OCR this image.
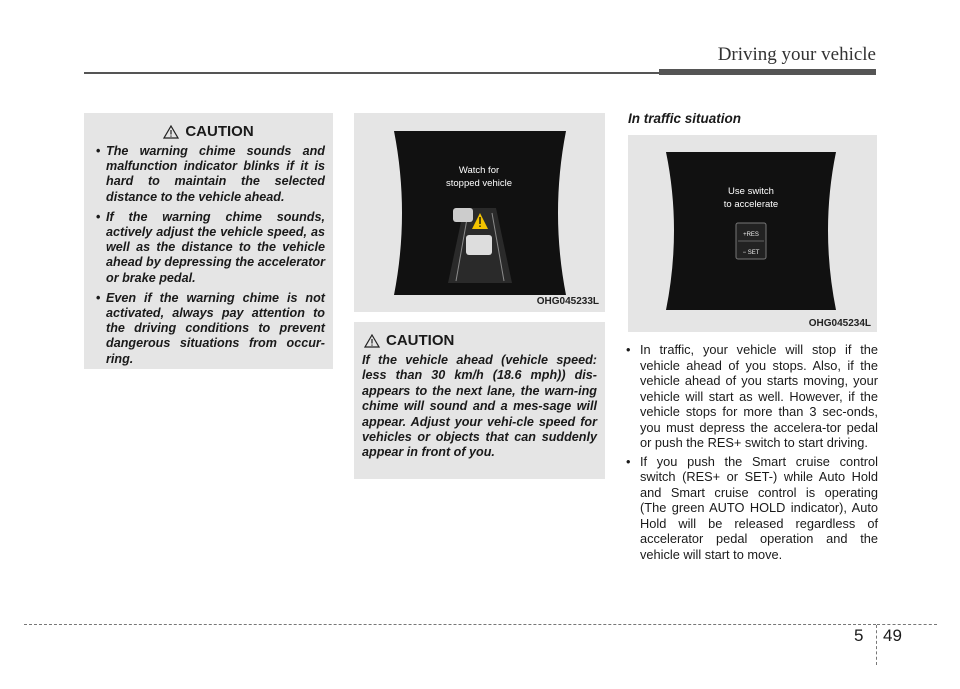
Driving your vehicle
CAUTION
• The warning chime sounds and malfunction indicator blinks if it is hard to maintain the selected distance to the vehicle ahead.
• If the warning chime sounds, actively adjust the vehicle speed, as well as the distance to the vehicle ahead by depressing the accelerator or brake pedal.
• Even if the warning chime is not activated, always pay attention to the driving conditions to prevent dangerous situations from occur-ring.
Watch for
stopped vehicle
OHG045233L
CAUTION

If the vehicle ahead (vehicle speed: less than 30 km/h (18.6 mph)) dis-appears to the next lane, the warn-ing chime will sound and a mes-sage will appear. Adjust your vehi-cle speed for vehicles or objects that can suddenly appear in front of you.

In traffic situation
Use switch
to accelerate
+RES
− SET
OHG045234L
• In traffic, your vehicle will stop if the vehicle ahead of you stops. Also, if the vehicle ahead of you starts moving, your vehicle will start as well. However, if the vehicle stops for more than 3 sec-onds, you must depress the accelera-tor pedal or push the RES+ switch to start driving.
• If you push the Smart cruise control switch (RES+ or SET-) while Auto Hold and Smart cruise control is operating (The green AUTO HOLD indicator), Auto Hold will be released regardless of accelerator pedal operation and the vehicle will start to move.
5 49
